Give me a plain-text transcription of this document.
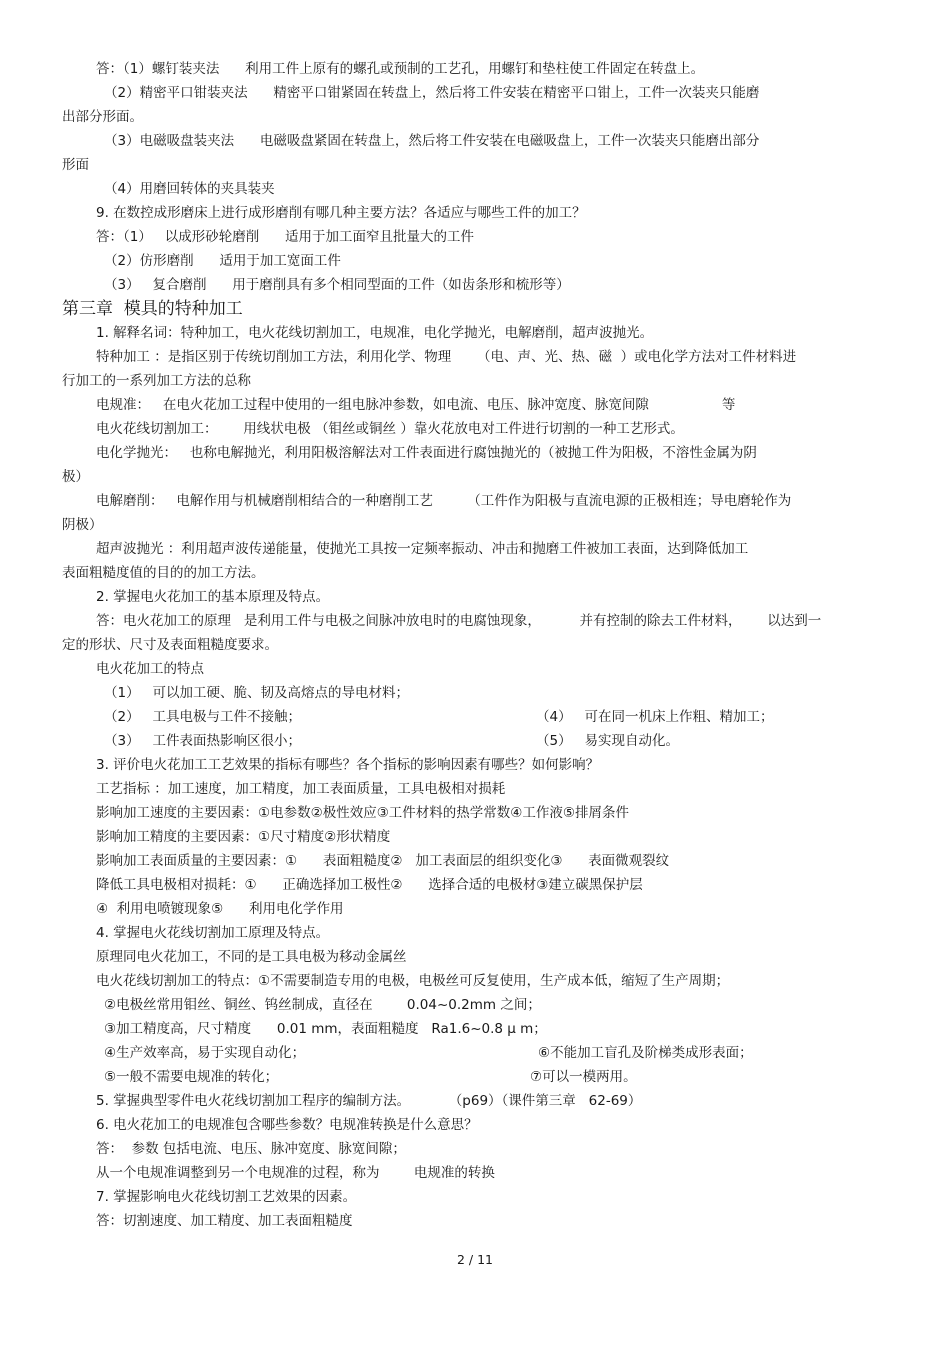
答：（1）螺钉装夹法      利用工件上原有的螺孔或预制的工艺孔，用螺钉和垫柱使工件固定在转盘上。
（2）精密平口钳装夹法      精密平口钳紧固在转盘上，然后将工件安装在精密平口钳上，工件一次装夹只能磨
出部分形面。
（3）电磁吸盘装夹法      电磁吸盘紧固在转盘上，然后将工件安装在电磁吸盘上，工件一次装夹只能磨出部分
形面
（4）用磨回转体的夹具装夹
9. 在数控成形磨床上进行成形磨削有哪几种主要方法？各适应与哪些工件的加工？
答：（1）   以成形砂轮磨削      适用于加工面窄且批量大的工件
（2）仿形磨削      适用于加工宽面工件
（3）   复合磨削      用于磨削具有多个相同型面的工件（如齿条形和梳形等）
第三章  模具的特种加工
1. 解释名词：特种加工，电火花线切割加工，电规准，电化学抛光，电解磨削，超声波抛光。
特种加工 ：是指区别于传统切削加工方法，利用化学、物理      （电、声、光、热、磁  ）或电化学方法对工件材料进
行加工的一系列加工方法的总称
电规准：   在电火花加工过程中使用的一组电脉冲参数，如电流、电压、脉冲宽度、脉宽间隙                 等
电火花线切割加工：      用线状电极 （钼丝或铜丝 ）靠火花放电对工件进行切割的一种工艺形式。
电化学抛光：   也称电解抛光，利用阳极溶解法对工件表面进行腐蚀抛光的（被抛工件为阳极，不溶性金属为阴
极）
电解磨削：   电解作用与机械磨削相结合的一种磨削工艺        （工件作为阳极与直流电源的正极相连；导电磨轮作为
阴极）
超声波抛光 ：利用超声波传递能量，使抛光工具按一定频率振动、冲击和抛磨工件被加工表面，达到降低加工
表面粗糙度值的目的的加工方法。
2. 掌握电火花加工的基本原理及特点。
答：电火花加工的原理   是利用工件与电极之间脉冲放电时的电腐蚀现象，         并有控制的除去工件材料，      以达到一
定的形状、尺寸及表面粗糙度要求。
电火花加工的特点
（1）   可以加工硬、脆、韧及高熔点的导电材料；
（2）   工具电极与工件不接触；	（4）   可在同一机床上作粗、精加工；
（3）   工件表面热影响区很小；	（5）   易实现自动化。
3. 评价电火花加工工艺效果的指标有哪些？各个指标的影响因素有哪些？如何影响？
工艺指标 ：加工速度，加工精度，加工表面质量，工具电极相对损耗
影响加工速度的主要因素：①电参数②极性效应③工件材料的热学常数④工作液⑤排屑条件
影响加工精度的主要因素：①尺寸精度②形状精度
影响加工表面质量的主要因素：①      表面粗糙度②   加工表面层的组织变化③      表面微观裂纹
降低工具电极相对损耗：①      正确选择加工极性②      选择合适的电极材③建立碳黑保护层
④  利用电喷镀现象⑤      利用电化学作用
4. 掌握电火花线切割加工原理及特点。
原理同电火花加工，不同的是工具电极为移动金属丝
电火花线切割加工的特点：①不需要制造专用的电极，电极丝可反复使用，生产成本低，缩短了生产周期；
②电极丝常用钼丝、铜丝、钨丝制成，直径在        0.04~0.2mm 之间；
③加工精度高，尺寸精度      0.01 mm，表面粗糙度   Ra1.6~0.8 μ m；
④生产效率高，易于实现自动化；	⑥不能加工盲孔及阶梯类成形表面；
⑤一般不需要电规准的转化；	⑦可以一模两用。
5. 掌握典型零件电火花线切割加工程序的编制方法。         （p69）（课件第三章   62-69）
6. 电火花加工的电规准包含哪些参数？电规准转换是什么意思？
答：  参数 包括电流、电压、脉冲宽度、脉宽间隙；
从一个电规准调整到另一个电规准的过程，称为        电规准的转换
7. 掌握影响电火花线切割工艺效果的因素。
答：切割速度、加工精度、加工表面粗糙度
2 / 11
